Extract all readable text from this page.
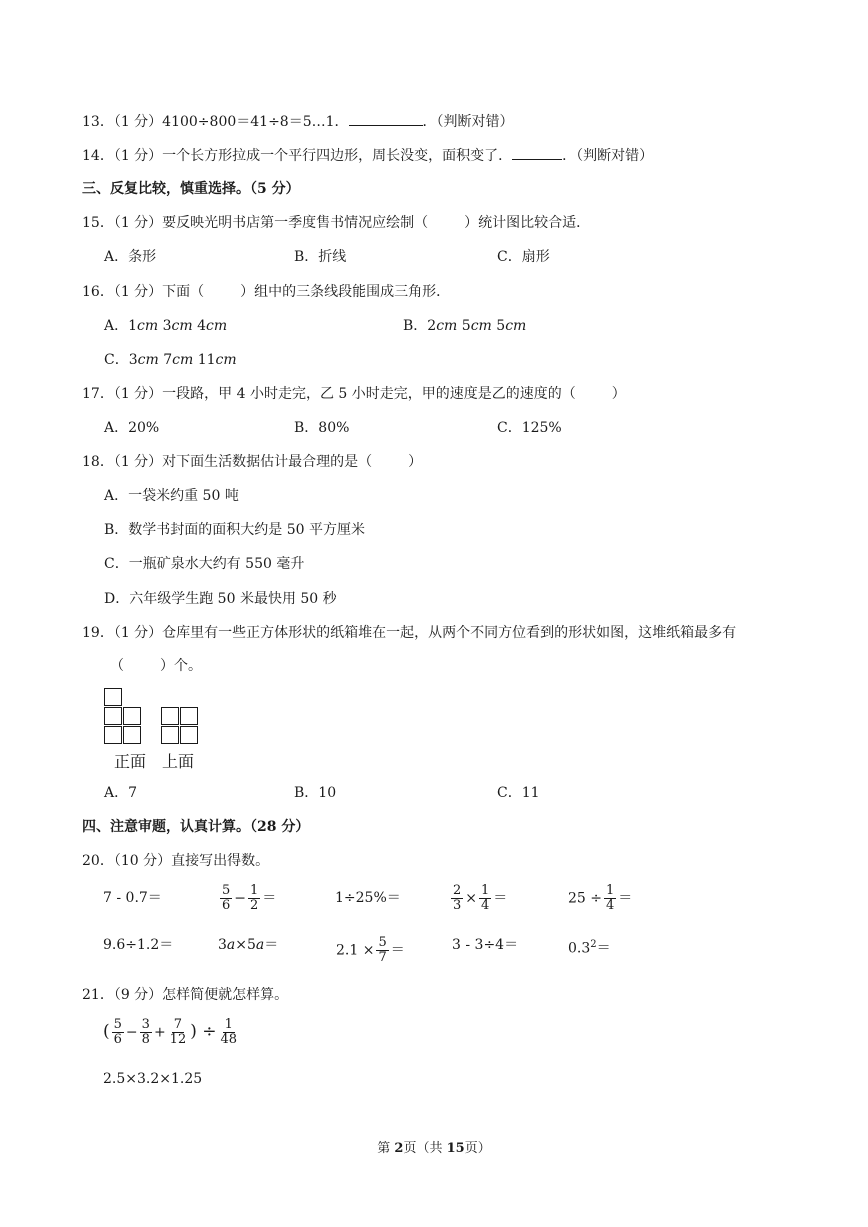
13．（1 分）4100÷800＝41÷8＝5…1．	．（判断对错）
14．（1 分）一个长方形拉成一个平行四边形，周长没变，面积变了．	．（判断对错）
三、反复比较，慎重选择。（5 分）
15．（1 分）要反映光明书店第一季度售书情况应绘制（	）统计图比较合适．
A．条形	B．折线	C．扇形
16．（1 分）下面（	）组中的三条线段能围成三角形．
A．1cm 3cm 4cm	B．2cm 5cm 5cm
C．3cm 7cm 11cm
17．（1 分）一段路，甲 4 小时走完，乙 5 小时走完，甲的速度是乙的速度的（	）
A．20%	B．80%	C．125%
18．（1 分）对下面生活数据估计最合理的是（	）
A．一袋米约重 50 吨
B．数学书封面的面积大约是 50 平方厘米
C．一瓶矿泉水大约有 550 毫升
D．六年级学生跑 50 米最快用 50 秒
19．（1 分）仓库里有一些正方体形状的纸箱堆在一起，从两个不同方位看到的形状如图，这堆纸箱最多有
（	）个。
正面 上面
A．7	B．10	C．11
四、注意审题，认真计算。（28 分）
20．（10 分）直接写出得数。
7 - 0.7＝	$\frac{5}{6} - \frac{1}{2}$ ＝	1÷25%＝	$\frac{2}{3} \times \frac{1}{4}$ ＝	$25 \div \frac{1}{4}$ ＝
9.6÷1.2＝	3a×5a＝	$2.1 \times \frac{5}{7}$ ＝	3 - 3÷4＝	$0.3^2=$
21．（9 分）怎样简便就怎样算。
( $\frac{5}{6} - \frac{3}{8} + \frac{7}{12}$ ) ÷ $\frac{1}{48}$
2.5×3.2×1.25
第 2页（共 15页）
